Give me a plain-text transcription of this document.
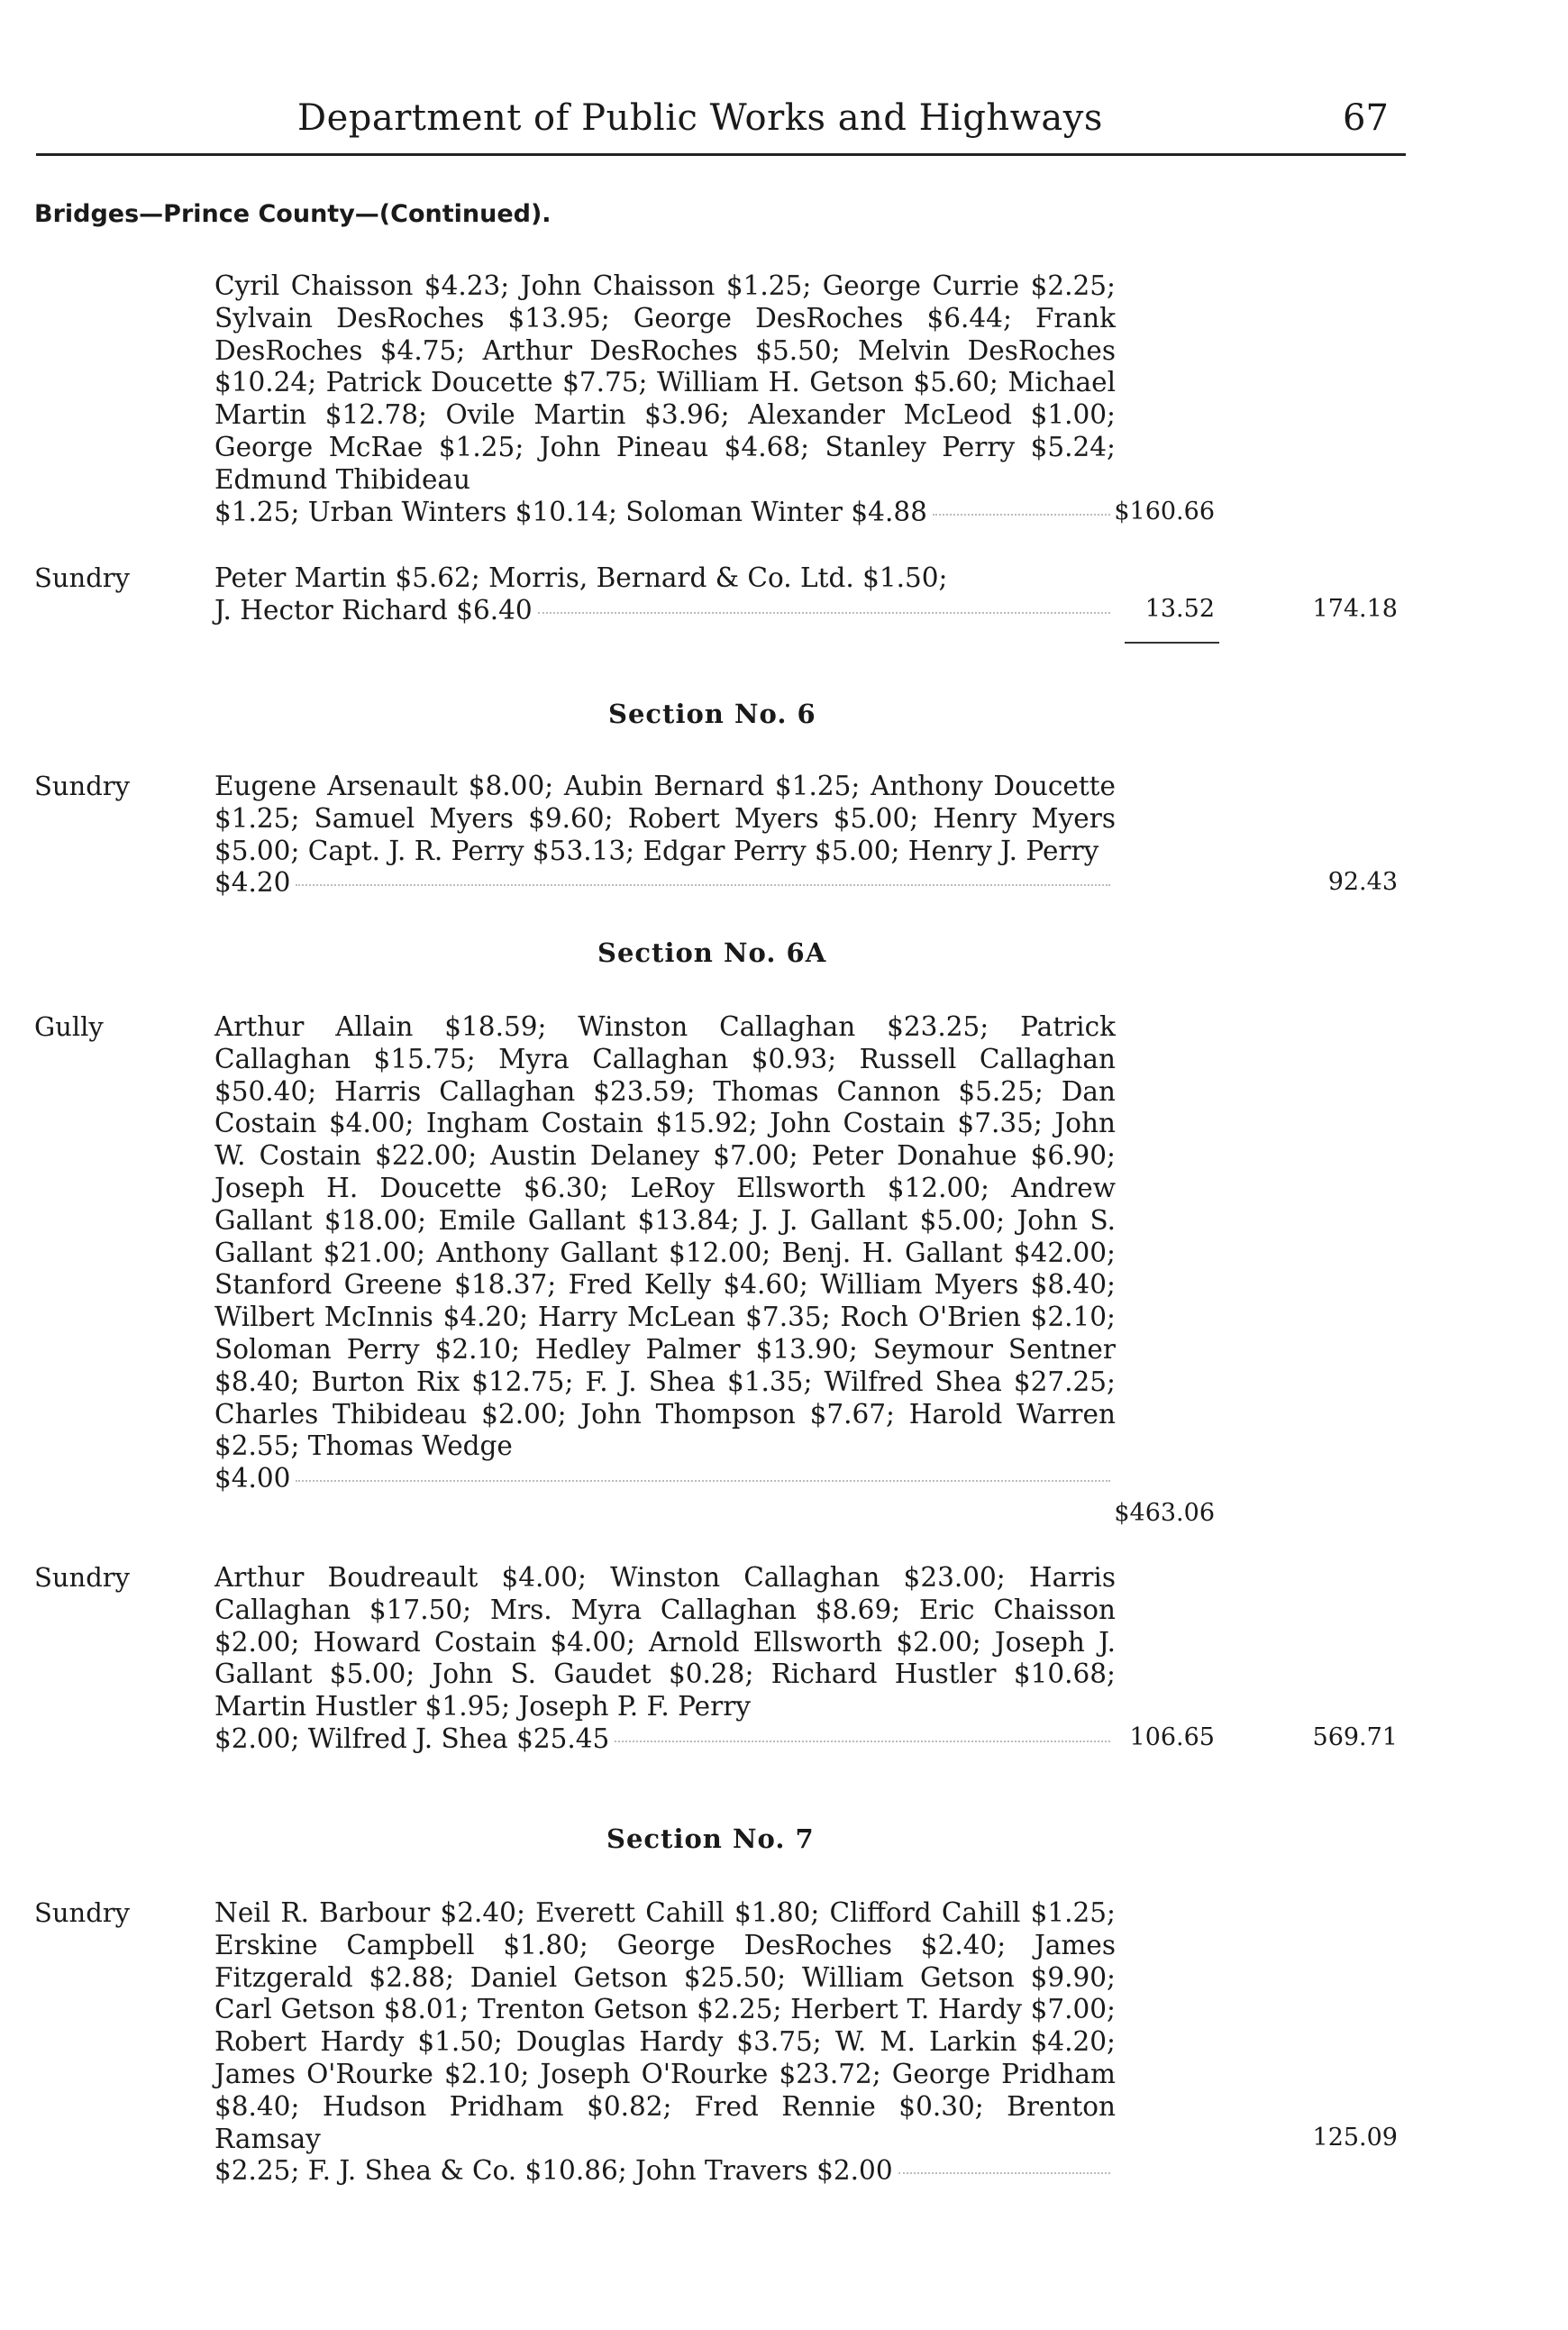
Department of Public Works and Highways	67
Bridges—Prince County—(Continued).
Cyril Chaisson $4.23; John Chaisson $1.25; George Currie $2.25; Sylvain DesRoches $13.95; George DesRoches $6.44; Frank DesRoches $4.75; Arthur DesRoches $5.50; Melvin DesRoches $10.24; Patrick Doucette $7.75; William H. Getson $5.60; Michael Martin $12.78; Ovile Martin $3.96; Alexander McLeod $1.00; George McRae $1.25; John Pineau $4.68; Stanley Perry $5.24; Edmund Thibideau
$1.25; Urban Winters $10.14; Soloman Winter $4.88	$160.66
Sundry	Peter Martin $5.62; Morris, Bernard & Co. Ltd. $1.50;
J. Hector Richard $6.40	13.52	174.18
Section No. 6
Sundry	Eugene Arsenault $8.00; Aubin Bernard $1.25; Anthony Doucette $1.25; Samuel Myers $9.60; Robert Myers $5.00; Henry Myers $5.00; Capt. J. R. Perry $53.13; Edgar Perry $5.00; Henry J. Perry
$4.20	92.43
Section No. 6A
Gully	Arthur Allain $18.59; Winston Callaghan $23.25; Patrick Callaghan $15.75; Myra Callaghan $0.93; Russell Callaghan $50.40; Harris Callaghan $23.59; Thomas Cannon $5.25; Dan Costain $4.00; Ingham Costain $15.92; John Costain $7.35; John W. Costain $22.00; Austin Delaney $7.00; Peter Donahue $6.90; Joseph H. Doucette $6.30; LeRoy Ellsworth $12.00; Andrew Gallant $18.00; Emile Gallant $13.84; J. J. Gallant $5.00; John S. Gallant $21.00; Anthony Gallant $12.00; Benj. H. Gallant $42.00; Stanford Greene $18.37; Fred Kelly $4.60; William Myers $8.40; Wilbert McInnis $4.20; Harry McLean $7.35; Roch O'Brien $2.10; Soloman Perry $2.10; Hedley Palmer $13.90; Seymour Sentner $8.40; Burton Rix $12.75; F. J. Shea $1.35; Wilfred Shea $27.25; Charles Thibideau $2.00; John Thompson $7.67; Harold Warren $2.55; Thomas Wedge
$4.00
$463.06
Sundry	Arthur Boudreault $4.00; Winston Callaghan $23.00; Harris Callaghan $17.50; Mrs. Myra Callaghan $8.69; Eric Chaisson $2.00; Howard Costain $4.00; Arnold Ellsworth $2.00; Joseph J. Gallant $5.00; John S. Gaudet $0.28; Richard Hustler $10.68; Martin Hustler $1.95; Joseph P. F. Perry
$2.00; Wilfred J. Shea $25.45	106.65	569.71
Section No. 7
Sundry	Neil R. Barbour $2.40; Everett Cahill $1.80; Clifford Cahill $1.25; Erskine Campbell $1.80; George DesRoches $2.40; James Fitzgerald $2.88; Daniel Getson $25.50; William Getson $9.90; Carl Getson $8.01; Trenton Getson $2.25; Herbert T. Hardy $7.00; Robert Hardy $1.50; Douglas Hardy $3.75; W. M. Larkin $4.20; James O'Rourke $2.10; Joseph O'Rourke $23.72; George Pridham $8.40; Hudson Pridham $0.82; Fred Rennie $0.30; Brenton Ramsay
$2.25; F. J. Shea & Co. $10.86; John Travers $2.00
125.09
